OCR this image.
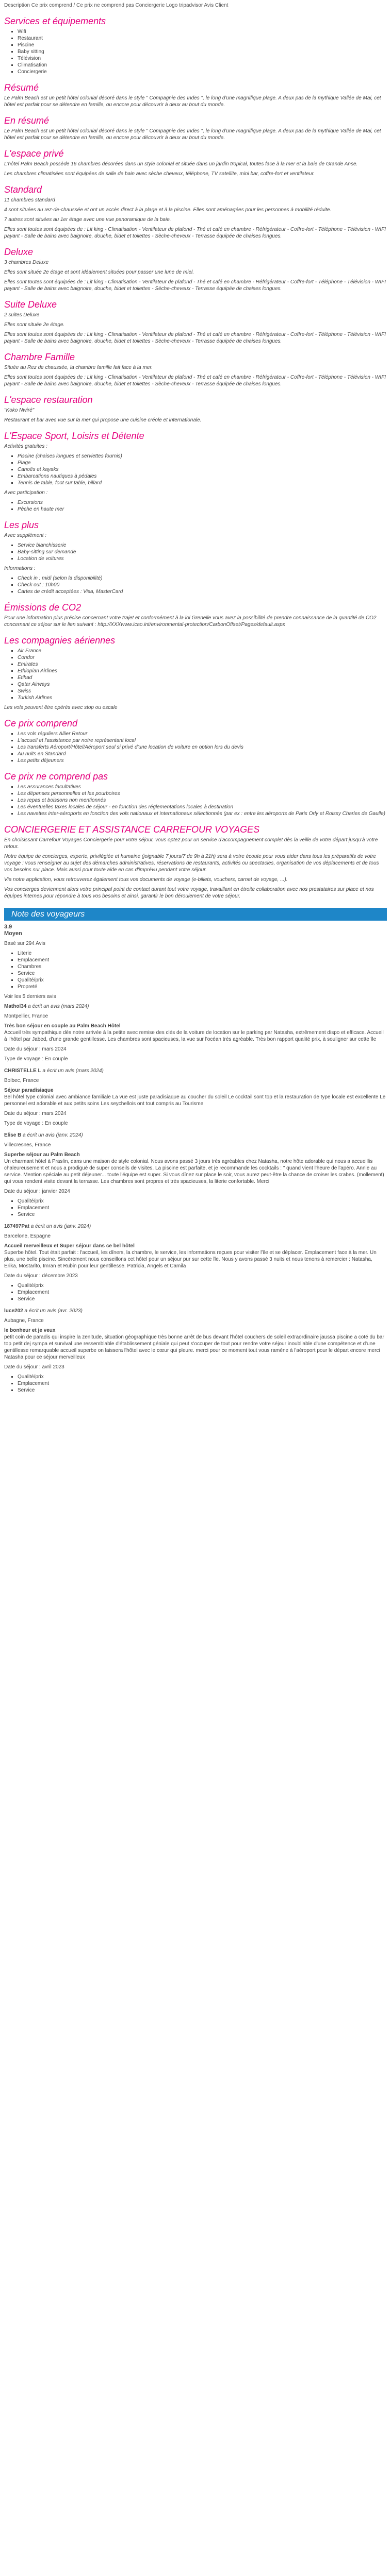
Description Ce prix comprend / Ce prix ne comprend pas Conciergerie Logo tripadvisor Avis Client
Services et équipements
▪ Wifi
▪ Restaurant
▪ Piscine
▪ Baby sitting
▪ Télévision
▪ Climatisation
▪ Conciergerie
Résumé

Le Palm Beach est un petit hôtel colonial décoré dans le style " Compagnie des Indes ", le long d'une magnifique plage. A deux pas de la mythique Vallée de Mai, cet hôtel est parfait pour se détendre en famille, ou encore pour découvrir à deux au bout du monde.

En résumé

Le Palm Beach est un petit hôtel colonial décoré dans le style " Compagnie des Indes ", le long d'une magnifique plage. A deux pas de la mythique Vallée de Mai, cet hôtel est parfait pour se détendre en famille, ou encore pour découvrir à deux au bout du monde.

L'espace privé

L'hôtel Palm Beach possède 16 chambres décorées dans un style colonial et située dans un jardin tropical, toutes face à la mer et la baie de Grande Anse.

Les chambres climatisées sont équipées de salle de bain avec sèche cheveux, téléphone, TV satellite, mini bar, coffre-fort et ventilateur.

Standard

11 chambres standard

4 sont situées au rez-de-chaussée et ont un accès direct à la plage et à la piscine. Elles sont aménagées pour les personnes à mobilité réduite.

7 autres sont situées au 1er étage avec une vue panoramique de la baie.

Elles sont toutes sont équipées de : Lit king - Climatisation - Ventilateur de plafond - Thé et café en chambre - Réfrigérateur - Coffre-fort - Téléphone - Télévision - WIFI payant - Salle de bains avec baignoire, douche, bidet et toilettes - Sèche-cheveux - Terrasse équipée de chaises longues.

Deluxe

3 chambres Deluxe

Elles sont située 2e étage et sont idéalement situées pour passer une lune de miel.

Elles sont toutes sont équipées de : Lit king - Climatisation - Ventilateur de plafond - Thé et café en chambre - Réfrigérateur - Coffre-fort - Téléphone - Télévision - WIFI payant - Salle de bains avec baignoire, douche, bidet et toilettes - Sèche-cheveux - Terrasse équipée de chaises longues.

Suite Deluxe

2 suites Deluxe

Elles sont située 2e étage.

Elles sont toutes sont équipées de : Lit king - Climatisation - Ventilateur de plafond - Thé et café en chambre - Réfrigérateur - Coffre-fort - Téléphone - Télévision - WIFI payant - Salle de bains avec baignoire, douche, bidet et toilettes - Sèche-cheveux - Terrasse équipée de chaises longues.

Chambre Famille

Située au Rez de chaussée, la chambre famille fait face à la mer.

Elles sont toutes sont équipées de : Lit king - Climatisation - Ventilateur de plafond - Thé et café en chambre - Réfrigérateur - Coffre-fort - Téléphone - Télévision - WIFI payant - Salle de bains avec baignoire, douche, bidet et toilettes - Sèche-cheveux - Terrasse équipée de chaises longues.

L'espace restauration

"Koko Nwiré"

Restaurant et bar avec vue sur la mer qui propose une cuisine créole et internationale.

L'Espace Sport, Loisirs et Détente

Activités gratuites :

▪ Piscine (chaises longues et serviettes fournis)
▪ Plage
▪ Canoës et kayaks
▪ Embarcations nautiques à pédales
▪ Tennis de table, foot sur table, billard

Avec participation :

▪ Excursions
▪ Pêche en haute mer
Les plus

Avec supplément :

▪ Service blanchisserie
▪ Baby-sitting sur demande
▪ Location de voitures

Informations :

▪ Check in : midi (selon la disponibilité)
▪ Check out : 10h00
▪ Cartes de crédit acceptées : Visa, MasterCard
Émissions de CO2

Pour une information plus précise concernant votre trajet et conformément à la loi Grenelle vous avez la possibilité de prendre connaissance de la quantité de CO2 concernant ce séjour sur le lien suivant : http://XXXwww.icao.int/environmental-protection/CarbonOffset/Pages/default.aspx

Les compagnies aériennes
▪ Air France
▪ Condor
▪ Emirates
▪ Ethiopian Airlines
▪ Etihad
▪ Qatar Airways
▪ Swiss
▪ Turkish Airlines

Les vols peuvent être opérés avec stop ou escale

Ce prix comprend
▪ Les vols réguliers Allier Retour
▪ L'accueil et l'assistance par notre représentant local
▪ Les transferts Aéroport/Hôtel/Aéroport seul si privé d'une location de voiture en option lors du devis
▪ Au nuits en Standard
▪ Les petits déjeuners
Ce prix ne comprend pas
▪ Les assurances facultatives
▪ Les dépenses personnelles et les pourboires
▪ Les repas et boissons non mentionnés
▪ Les éventuelles taxes locales de séjour - en fonction des réglementations locales à destination
▪ Les navettes inter-aéroports en fonction des vols nationaux et internationaux sélectionnés (par ex : entre les aéroports de Paris Orly et Roissy Charles de Gaulle)
CONCIERGERIE ET ASSISTANCE CARREFOUR VOYAGES

En choisissant Carrefour Voyages Conciergerie pour votre séjour, vous optez pour un service d'accompagnement complet dès la veille de votre départ jusqu'à votre retour.

Notre équipe de concierges, experte, privilégiée et humaine (joignable 7 jours/7 de 9h à 21h) sera à votre écoute pour vous aider dans tous les préparatifs de votre voyage : vous renseigner au sujet des démarches administratives, réservations de restaurants, activités ou spectacles, organisation de vos déplacements et de tous vos besoins sur place. Mais aussi pour toute aide en cas d'imprévu pendant votre séjour.

Via notre application, vous retrouverez également tous vos documents de voyage (e-billets, vouchers, carnet de voyage, ...).

Vos concierges deviennent alors votre principal point de contact durant tout votre voyage, travaillant en étroite collaboration avec nos prestataires sur place et nos équipes internes pour répondre à tous vos besoins et ainsi, garantir le bon déroulement de votre séjour.

Note des voyageurs
3.9
Moyen

Basé sur 294 Avis

▪ Literie
▪ Emplacement
▪ Chambres
▪ Service
▪ Qualité/prix
▪ Propreté

Voir les 5 derniers avis

Mathol34 a écrit un avis (mars 2024)

Montpellier, France

Très bon séjour en couple au Palm Beach Hôtel

Accueil très sympathique dès notre arrivée à la petite avec remise des clés de la voiture de location sur le parking par Natasha, extrêmement dispo et efficace. Accueil à l'hôtel par Jabed, d'une grande gentillesse. Les chambres sont spacieuses, la vue sur l'océan très agréable. Très bon rapport qualité prix, à souligner sur cette île

Date du séjour : mars 2024

Type de voyage : En couple

CHRISTELLE L a écrit un avis (mars 2024)

Bolbec, France

Séjour paradisiaque

Bel hôtel type colonial avec ambiance familiale La vue est juste paradisiaque au coucher du soleil Le cocktail sont top et la restauration de type locale est excellente Le personnel est adorable et aux petits soins Les seychellois ont tout compris au Tourisme

Date du séjour : mars 2024

Type de voyage : En couple

Elise B a écrit un avis (janv. 2024)

Villecresnes, France

Superbe séjour au Palm Beach

Un charmant hôtel à Praslin, dans une maison de style colonial. Nous avons passé 3 jours très agréables chez Natasha, notre hôte adorable qui nous a accueillis chaleureusement et nous a prodigué de super conseils de visites. La piscine est parfaite, et je recommande les cocktails : " quand vient l'heure de l'apéro. Annie au service. Mention spéciale au petit déjeuner... toute l'équipe est super. Si vous dînez sur place le soir, vous aurez peut-être la chance de croiser les crabes. (mollement) qui vous rendent visite devant la terrasse. Les chambres sont propres et très spacieuses, la literie confortable. Merci

Date du séjour : janvier 2024

▪ Qualité/prix
▪ Emplacement
▪ Service

187497Pat a écrit un avis (janv. 2024)

Barcelone, Espagne

Accueil merveilleux et Super séjour dans ce bel hôtel

Superbe hôtel. Tout était parfait : l'accueil, les dîners, la chambre, le service, les informations reçues pour visiter l'île et se déplacer. Emplacement face à la mer. Un plus, une belle piscine. Sincèrement nous conseillons cet hôtel pour un séjour pur sur cette île. Nous y avons passé 3 nuits et nous tenons à remercier : Natasha, Erika, Mostarito, Imran et Rubin pour leur gentillesse. Patricia, Angels et Camila

Date du séjour : décembre 2023

▪ Qualité/prix
▪ Emplacement
▪ Service

luce202 a écrit un avis (avr. 2023)

Aubagne, France

le bonheur et je veux

petit coin de paradis qui inspire la zenitude, situation géographique très bonne arrêt de bus devant l'hôtel couchers de soleil extraordinaire jaussa piscine a coté du bar top petit dej sympa et survival une ressemblable d'établissement géniale qui peut s'occuper de tout pour rendre votre séjour inoubliable d'une compétence et d'une gentillesse remarquable accueil superbe on laissera l'hôtel avec le cœur qui pleure. merci pour ce moment tout vous ramène à l'aéroport pour le départ encore merci Natasha pour ce séjour merveilleux

Date du séjour : avril 2023

▪ Qualité/prix
▪ Emplacement
▪ Service
